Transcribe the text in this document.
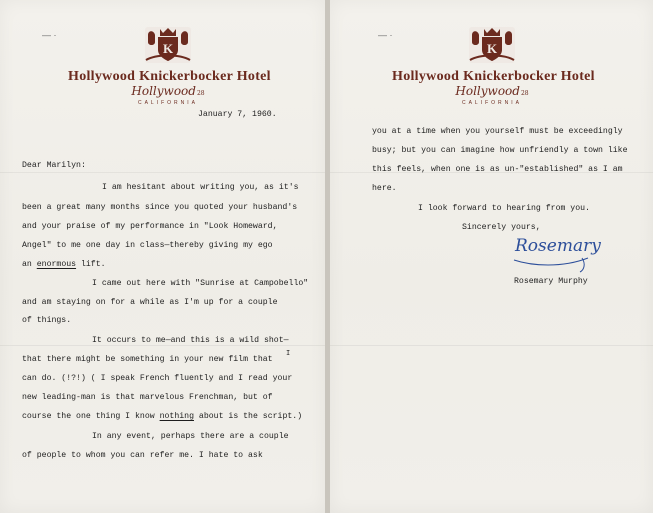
— ·	— ·
K
Hollywood Knickerbocker Hotel
Hollywood28
CALIFORNIA
K
Hollywood Knickerbocker Hotel
Hollywood28
CALIFORNIA
January 7, 1960.
Dear Marilyn:
I am hesitant about writing you, as it's
been a great many months since you quoted your husband's
and your praise of my performance in "Look Homeward,
Angel" to me one day in class—thereby giving my ego
an enormous lift.
I came out here with "Sunrise at Campobello"
and am staying on for a while as I'm up for a couple
of things.
It occurs to me—and this is a wild shot—
that there might be something in your new film that
I
can do. (!?!) ( I speak French fluently and I read your
new leading-man is that marvelous Frenchman, but of
course the one thing I know nothing about is the script.)
In any event, perhaps there are a couple
of people to whom you can refer me. I hate to ask
you at a time when you yourself must be exceedingly
busy; but you can imagine how unfriendly a town like
this feels, when one is as un-"established" as I am
here.
I look forward to hearing from you.
Sincerely yours,
Rosemary
Rosemary Murphy
